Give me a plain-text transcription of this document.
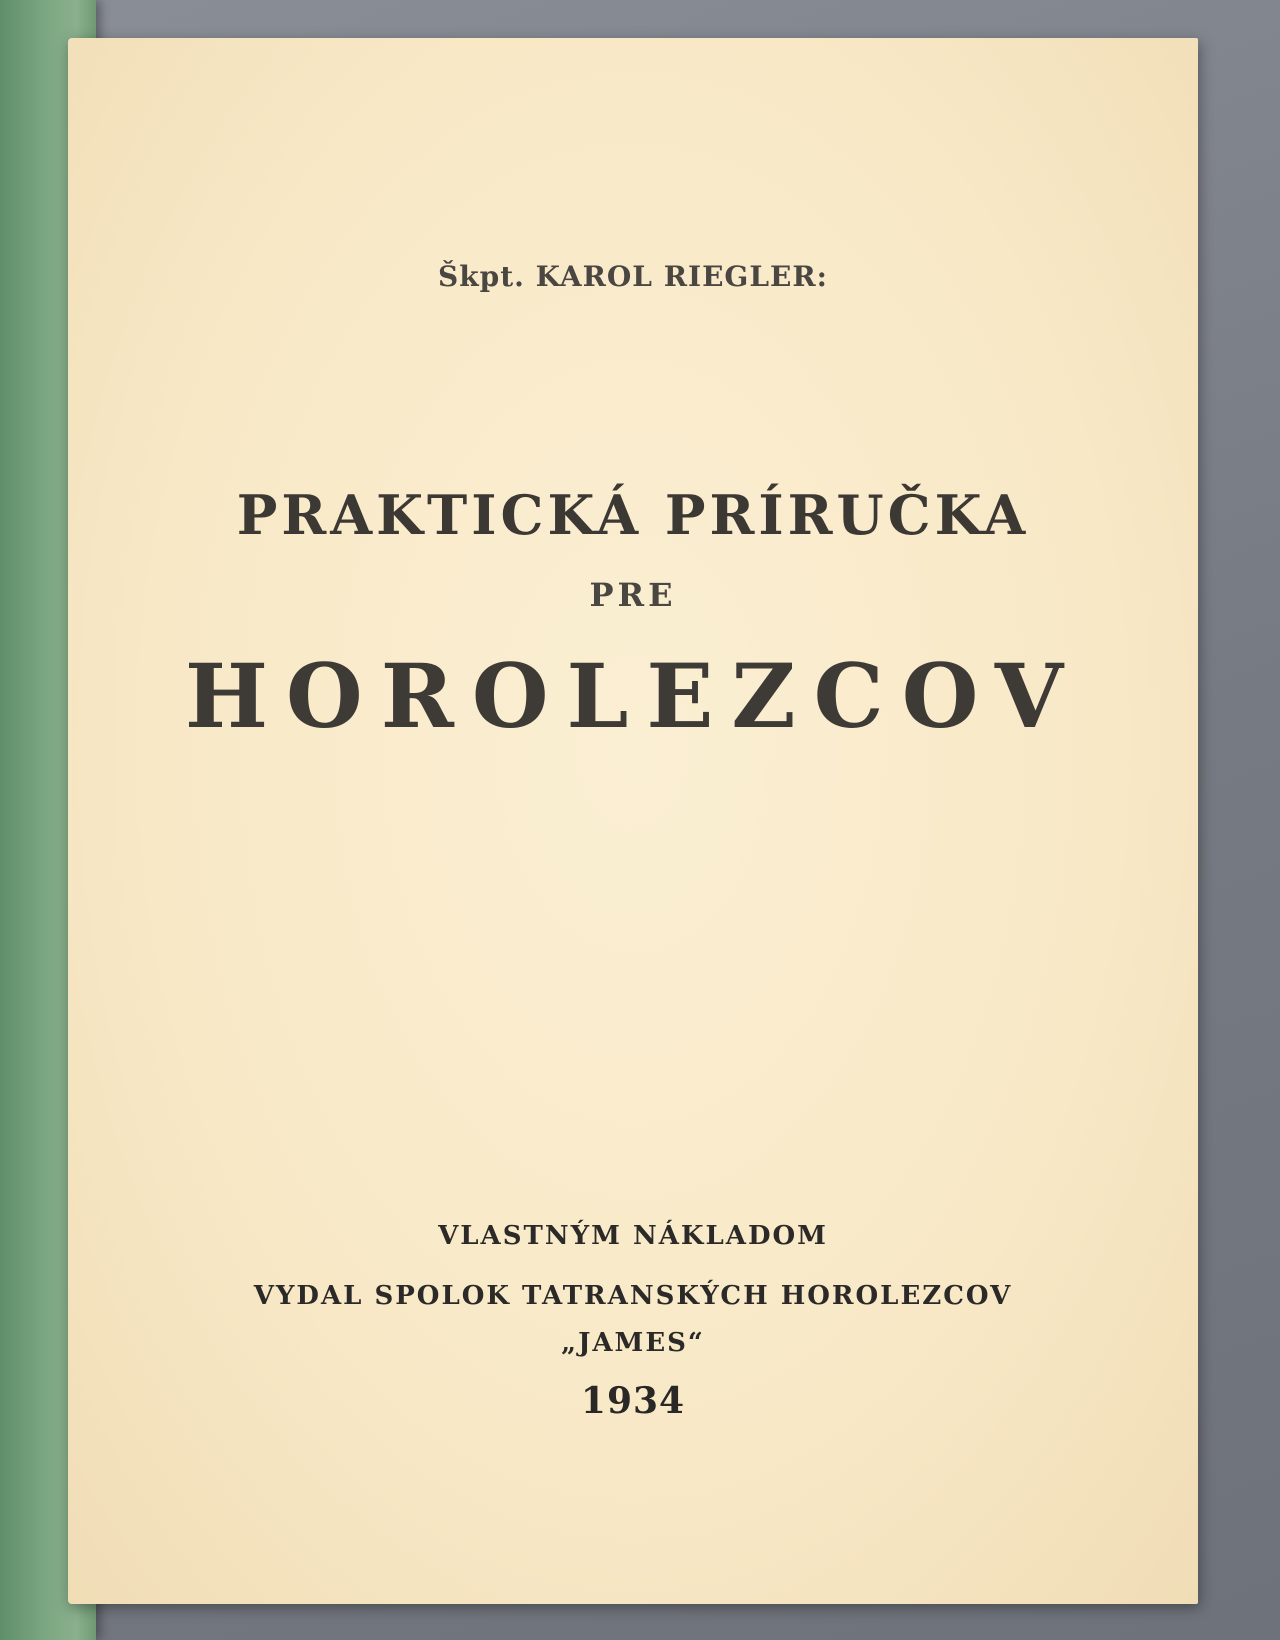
Škpt. KAROL RIEGLER:
PRAKTICKÁ PRÍRUČKA
PRE
HOROLEZCOV
VLASTNÝM NÁKLADOM
VYDAL SPOLOK TATRANSKÝCH HOROLEZCOV
„JAMES“
1934
